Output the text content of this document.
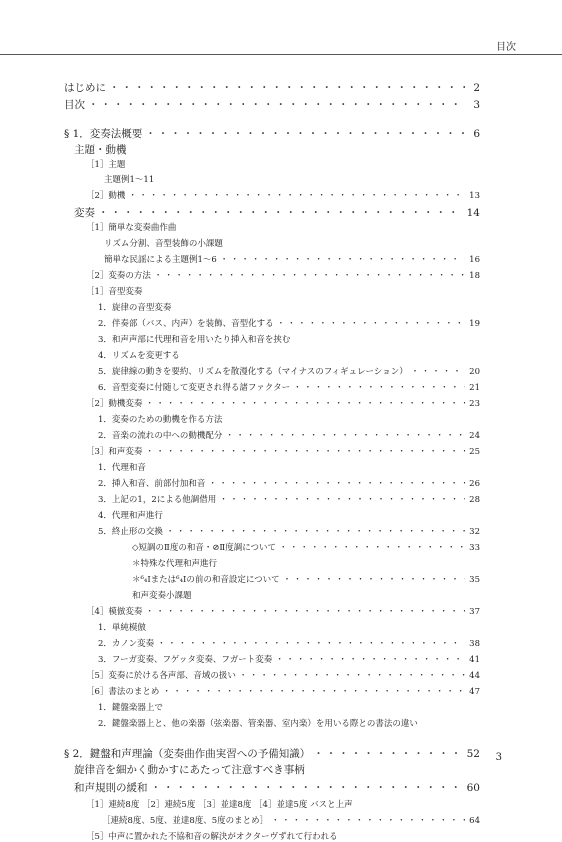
目次
はじめに ・・・・・・・・・・・・・・・・・・・・・・・・・・・・・・・・・・・・・・・・・・・・・・・・・・・・・・・・・・・・・・・・・・・・・・・・・・・・	2
目次 ・・・・・・・・・・・・・・・・・・・・・・・・・・・・・・・・・・・・・・・・・・・・・・・・・・・・・・・・・・・・・・・・・・・・・・・・・・・・	3
§ 1．変奏法概要 ・・・・・・・・・・・・・・・・・・・・・・・・・・・・・・・・・・・・・・・・・・・・・・・・・・・・・・・・・・・・・・・・・・・・・・・・・・・・	6
主題・動機
［1］主題
主題例1～11
［2］動機 ・・・・・・・・・・・・・・・・・・・・・・・・・・・・・・・・・・・・・・・・・・・・・・・・・・・・・・・・・・・・・・・・・・・・・・・・・・・・	13
変奏 ・・・・・・・・・・・・・・・・・・・・・・・・・・・・・・・・・・・・・・・・・・・・・・・・・・・・・・・・・・・・・・・・・・・・・・・・・・・・	14
［1］簡単な変奏曲作曲
リズム分割、音型装飾の小課題
簡単な民謡による主題例1～6 ・・・・・・・・・・・・・・・・・・・・・・・・・・・・・・・・・・・・・・・・・・・・・・・・・・・・・・・・・・・・・・・・・・・・・・・・・・・・	16
［2］変奏の方法 ・・・・・・・・・・・・・・・・・・・・・・・・・・・・・・・・・・・・・・・・・・・・・・・・・・・・・・・・・・・・・・・・・・・・・・・・・・・・	18
［1］音型変奏
1．旋律の音型変奏
2．伴奏部（バス、内声）を装飾、音型化する ・・・・・・・・・・・・・・・・・・・・・・・・・・・・・・・・・・・・・・・・・・・・・・・・・・・・・・・・・・・・・・・・・・・・・・・・・・・・	19
3．和声声部に代理和音を用いたり挿入和音を挟む
4．リズムを変更する
5．旋律線の動きを要約、リズムを散漫化する（マイナスのフィギュレーション） ・・・・・・・・・・・・・・・・・・・・・・・・・・・・・・・・・・・・・・・・・・・・・・・・・・・・・・・・・・・・・・・・・・・・・・・・・・・・	20
6．音型変奏に付随して変更され得る諸ファクター ・・・・・・・・・・・・・・・・・・・・・・・・・・・・・・・・・・・・・・・・・・・・・・・・・・・・・・・・・・・・・・・・・・・・・・・・・・・・	21
［2］動機変奏 ・・・・・・・・・・・・・・・・・・・・・・・・・・・・・・・・・・・・・・・・・・・・・・・・・・・・・・・・・・・・・・・・・・・・・・・・・・・・	23
1．変奏のための動機を作る方法
2．音楽の流れの中への動機配分 ・・・・・・・・・・・・・・・・・・・・・・・・・・・・・・・・・・・・・・・・・・・・・・・・・・・・・・・・・・・・・・・・・・・・・・・・・・・・	24
［3］和声変奏 ・・・・・・・・・・・・・・・・・・・・・・・・・・・・・・・・・・・・・・・・・・・・・・・・・・・・・・・・・・・・・・・・・・・・・・・・・・・・	25
1．代理和音
2．挿入和音、前部付加和音 ・・・・・・・・・・・・・・・・・・・・・・・・・・・・・・・・・・・・・・・・・・・・・・・・・・・・・・・・・・・・・・・・・・・・・・・・・・・・	26
3．上記の1，2による他調借用 ・・・・・・・・・・・・・・・・・・・・・・・・・・・・・・・・・・・・・・・・・・・・・・・・・・・・・・・・・・・・・・・・・・・・・・・・・・・・	28
4．代理和声進行
5．終止形の交換 ・・・・・・・・・・・・・・・・・・・・・・・・・・・・・・・・・・・・・・・・・・・・・・・・・・・・・・・・・・・・・・・・・・・・・・・・・・・・	32
◇短調のⅡ度の和音・⊘Ⅱ度調について ・・・・・・・・・・・・・・・・・・・・・・・・・・・・・・・・・・・・・・・・・・・・・・・・・・・・・・・・・・・・・・・・・・・・・・・・・・・・	33
＊特殊な代理和声進行
＊⁶₄Ⅰまたは⁶₄Ⅰの前の和音設定について ・・・・・・・・・・・・・・・・・・・・・・・・・・・・・・・・・・・・・・・・・・・・・・・・・・・・・・・・・・・・・・・・・・・・・・・・・・・・	35
和声変奏小課題
［4］模倣変奏 ・・・・・・・・・・・・・・・・・・・・・・・・・・・・・・・・・・・・・・・・・・・・・・・・・・・・・・・・・・・・・・・・・・・・・・・・・・・・	37
1．単純模倣
2．カノン変奏 ・・・・・・・・・・・・・・・・・・・・・・・・・・・・・・・・・・・・・・・・・・・・・・・・・・・・・・・・・・・・・・・・・・・・・・・・・・・・	38
3．フーガ変奏、フゲッタ変奏、フガート変奏 ・・・・・・・・・・・・・・・・・・・・・・・・・・・・・・・・・・・・・・・・・・・・・・・・・・・・・・・・・・・・・・・・・・・・・・・・・・・・	41
［5］変奏に於ける各声部、音域の扱い ・・・・・・・・・・・・・・・・・・・・・・・・・・・・・・・・・・・・・・・・・・・・・・・・・・・・・・・・・・・・・・・・・・・・・・・・・・・・	44
［6］書法のまとめ ・・・・・・・・・・・・・・・・・・・・・・・・・・・・・・・・・・・・・・・・・・・・・・・・・・・・・・・・・・・・・・・・・・・・・・・・・・・・	47
1．鍵盤楽器上で
2．鍵盤楽器上と、他の楽器（弦楽器、管楽器、室内楽）を用いる際との書法の違い
§ 2．鍵盤和声理論（変奏曲作曲実習への予備知識） ・・・・・・・・・・・・・・・・・・・・・・・・・・・・・・・・・・・・・・・・・・・・・・・・・・・・・・・・・・・・・・・・・・・・・・・・・・・・	52
旋律音を細かく動かすにあたって注意すべき事柄
和声規則の緩和 ・・・・・・・・・・・・・・・・・・・・・・・・・・・・・・・・・・・・・・・・・・・・・・・・・・・・・・・・・・・・・・・・・・・・・・・・・・・・	60
［1］連続8度 ［2］連続5度 ［3］並達8度 ［4］並達5度 バスと上声
［連続8度、5度、並達8度、5度のまとめ］ ・・・・・・・・・・・・・・・・・・・・・・・・・・・・・・・・・・・・・・・・・・・・・・・・・・・・・・・・・・・・・・・・・・・・・・・・・・・・	64
［5］中声に置かれた不協和音の解決がオクターヴずれて行われる
3
